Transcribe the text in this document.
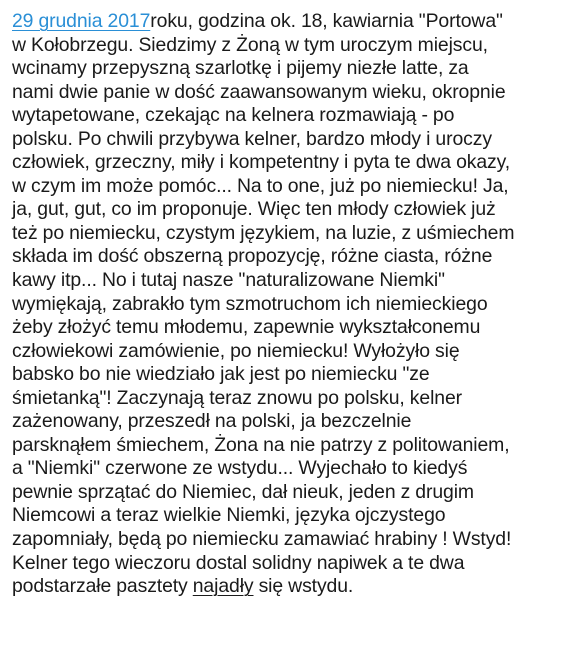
29 grudnia 2017roku, godzina ok. 18, kawiarnia "Portowa"
w Kołobrzegu. Siedzimy z Żoną w tym uroczym miejscu,
wcinamy przepyszną szarlotkę i pijemy niezłe latte, za
nami dwie panie w dość zaawansowanym wieku, okropnie
wytapetowane, czekając na kelnera rozmawiają - po
polsku. Po chwili przybywa kelner, bardzo młody i uroczy
człowiek, grzeczny, miły i kompetentny i pyta te dwa okazy,
w czym im może pomóc... Na to one, już po niemiecku! Ja,
ja, gut, gut, co im proponuje. Więc ten młody człowiek już
też po niemiecku, czystym językiem, na luzie, z uśmiechem
składa im dość obszerną propozycję, różne ciasta, różne
kawy itp... No i tutaj nasze "naturalizowane Niemki"
wymiękają, zabrakło tym szmotruchom ich niemieckiego
żeby złożyć temu młodemu, zapewnie wykształconemu
człowiekowi zamówienie, po niemiecku! Wyłożyło się
babsko bo nie wiedziało jak jest po niemiecku "ze
śmietanką"! Zaczynają teraz znowu po polsku, kelner
zażenowany, przeszedł na polski, ja bezczelnie
parsknąłem śmiechem, Żona na nie patrzy z politowaniem,
a "Niemki" czerwone ze wstydu... Wyjechało to kiedyś
pewnie sprzątać do Niemiec, dał nieuk, jeden z drugim
Niemcowi a teraz wielkie Niemki, języka ojczystego
zapomniały, będą po niemiecku zamawiać hrabiny ! Wstyd!
Kelner tego wieczoru dostal solidny napiwek a te dwa
podstarzałe pasztety najadły się wstydu.
